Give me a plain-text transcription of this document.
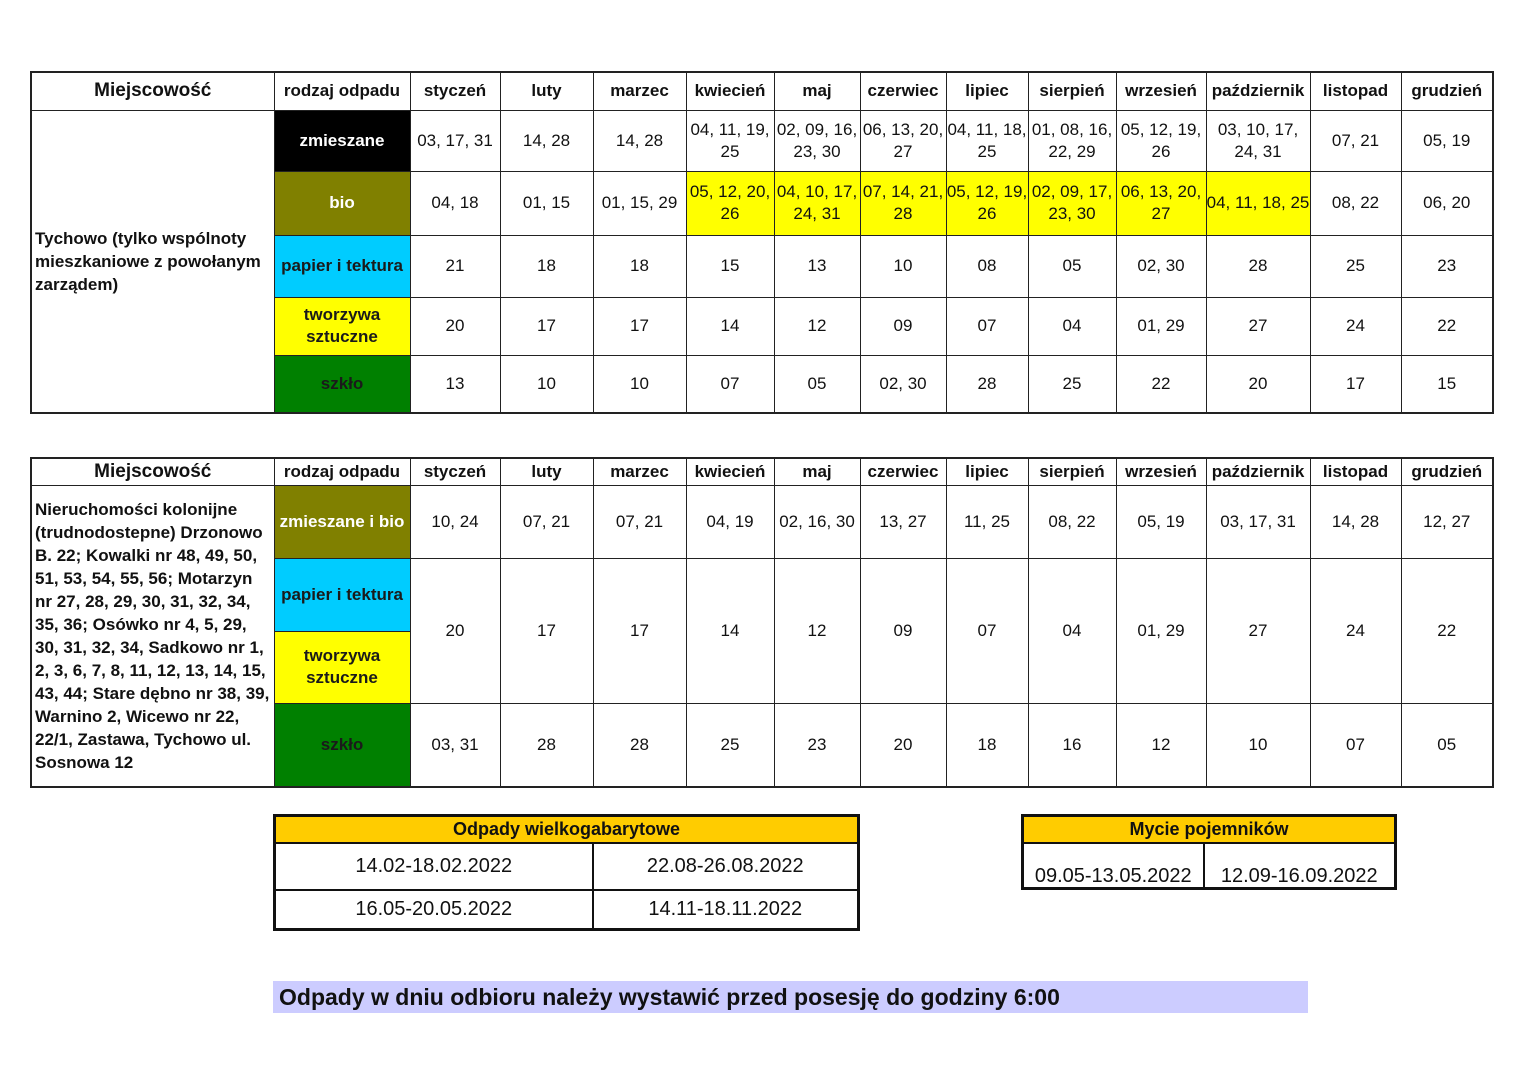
Miejscowość	rodzaj odpadu	styczeń	luty	marzec	kwiecień	maj	czerwiec	lipiec	sierpień	wrzesień	październik	listopad	grudzień
Tychowo (tylko wspólnoty mieszkaniowe z powołanym zarządem)	zmieszane	03, 17, 31	14, 28	14, 28	04, 11, 19, 25	02, 09, 16, 23, 30	06, 13, 20, 27	04, 11, 18, 25	01, 08, 16, 22, 29	05, 12, 19, 26	03, 10, 17, 24, 31	07, 21	05, 19
	bio	04, 18	01, 15	01, 15, 29	05, 12, 20, 26	04, 10, 17, 24, 31	07, 14, 21, 28	05, 12, 19, 26	02, 09, 17, 23, 30	06, 13, 20, 27	04, 11, 18, 25	08, 22	06, 20
	papier i tektura	21	18	18	15	13	10	08	05	02, 30	28	25	23
	tworzywa sztuczne	20	17	17	14	12	09	07	04	01, 29	27	24	22
	szkło	13	10	10	07	05	02, 30	28	25	22	20	17	15
Miejscowość	rodzaj odpadu	styczeń	luty	marzec	kwiecień	maj	czerwiec	lipiec	sierpień	wrzesień	październik	listopad	grudzień
Nieruchomości kolonijne (trudnodostepne) Drzonowo B. 22; Kowalki nr 48, 49, 50, 51, 53, 54, 55, 56; Motarzyn nr 27, 28, 29, 30, 31, 32, 34, 35, 36; Osówko nr 4, 5, 29, 30, 31, 32, 34, Sadkowo nr 1, 2, 3, 6, 7, 8, 11, 12, 13, 14, 15, 43, 44; Stare dębno nr 38, 39, Warnino 2, Wicewo nr 22, 22/1, Zastawa, Tychowo ul. Sosnowa 12	zmieszane i bio	10, 24	07, 21	07, 21	04, 19	02, 16, 30	13, 27	11, 25	08, 22	05, 19	03, 17, 31	14, 28	12, 27
	papier i tektura	20	17	17	14	12	09	07	04	01, 29	27	24	22
	tworzywa sztuczne												
	szkło	03, 31	28	28	25	23	20	18	16	12	10	07	05
Odpady wielkogabarytowe	
14.02-18.02.2022	22.08-26.08.2022
16.05-20.05.2022	14.11-18.11.2022
Mycie pojemników
09.05-13.05.2022	12.09-16.09.2022
Odpady w dniu odbioru należy wystawić przed posesję do godziny 6:00
